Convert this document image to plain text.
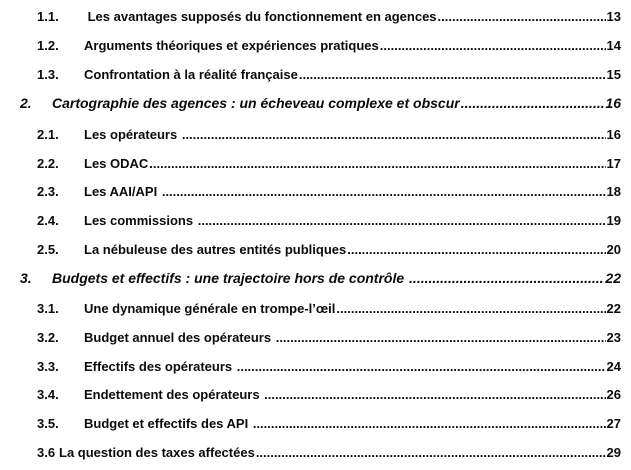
1.1.	Les avantages supposés du fonctionnement en agences .....	13
1.2.	Arguments théoriques et expériences pratiques .....	14
1.3.	Confrontation à la réalité française .....	15
2.	Cartographie des agences : un écheveau complexe et obscur .....	16
2.1.	Les opérateurs .....	16
2.2.	Les ODAC .....	17
2.3.	Les AAI/API .....	18
2.4.	Les commissions .....	19
2.5.	La nébuleuse des autres entités publiques .....	20
3.	Budgets et effectifs : une trajectoire hors de contrôle .....	22
3.1.	Une dynamique générale en trompe-l’œil .....	22
3.2.	Budget annuel des opérateurs .....	23
3.3.	Effectifs des opérateurs .....	24
3.4.	Endettement des opérateurs .....	26
3.5.	Budget et effectifs des API .....	27
3.6 La question des taxes affectées .....	29
